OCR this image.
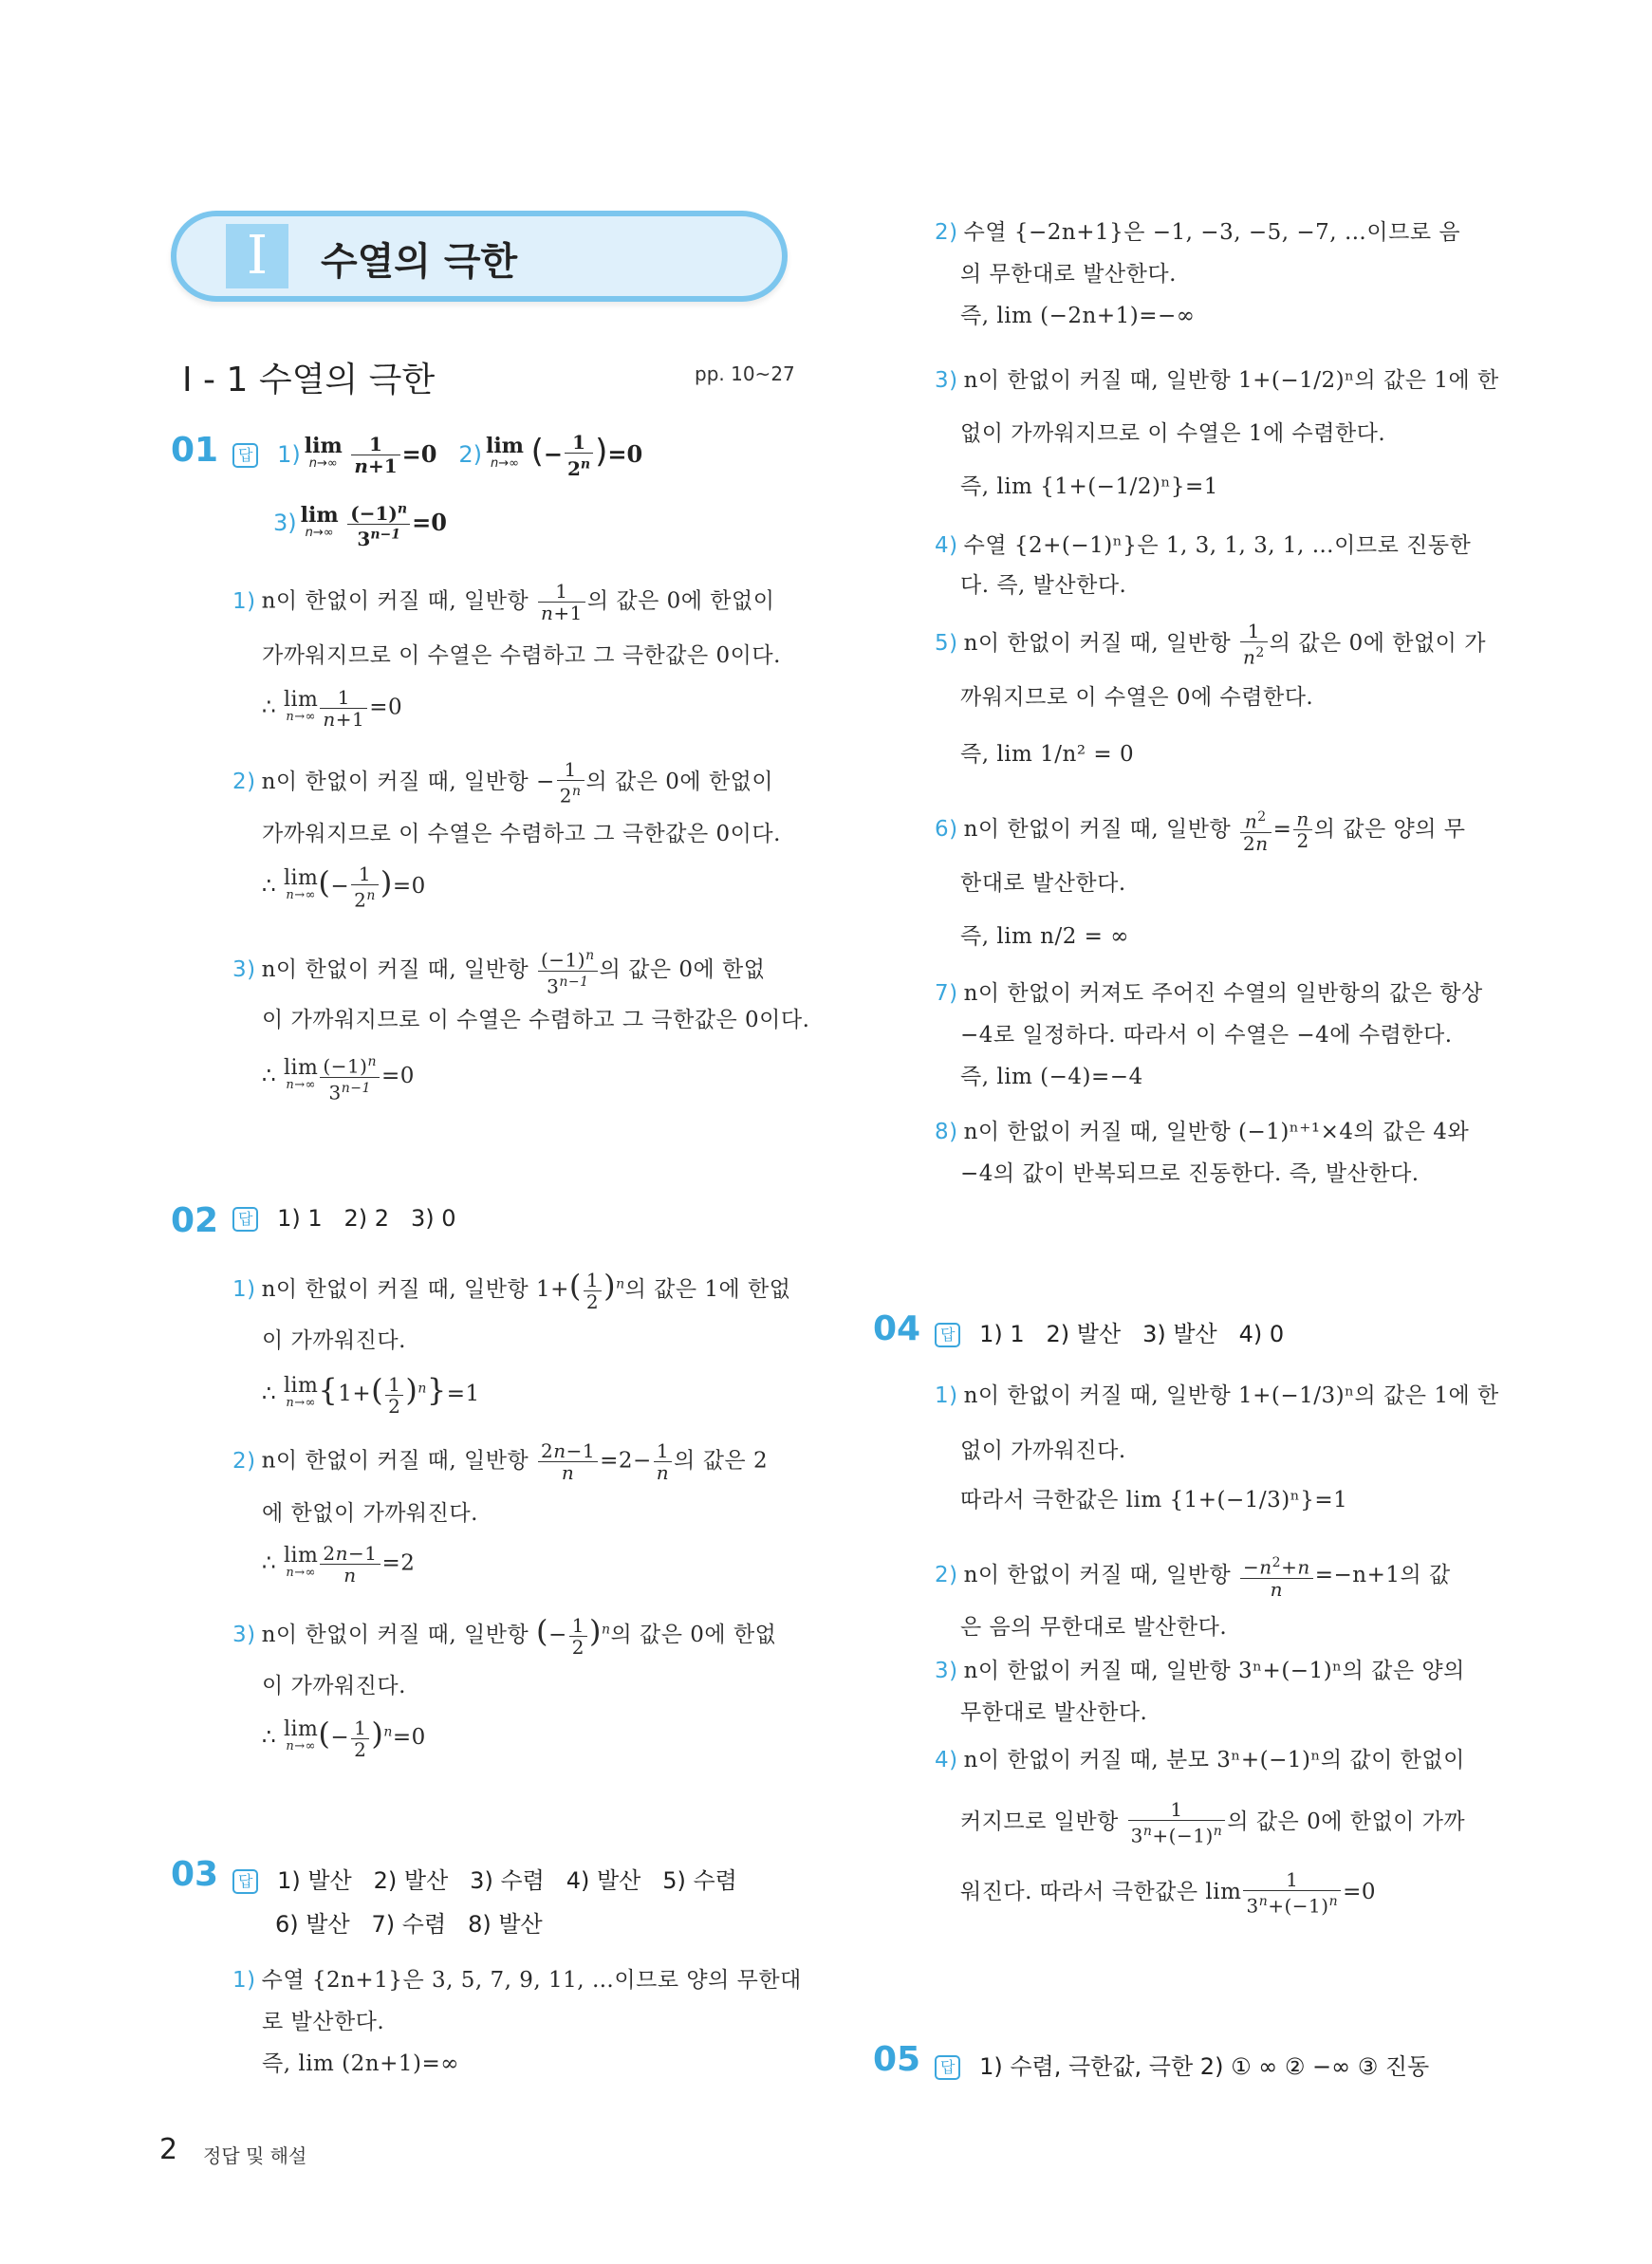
I	수열의 극한
I - 1 수열의 극한	pp. 10~27
01	답 1) lim
n→∞
$\frac{1}{n+1} =0$ 2) lim
n→∞ (− $\frac{1}{2^n} )=0$
3) lim
n→∞
$\frac{(-1)^n}{3^{n-1}} =0$
1) n이 한없이 커질 때, 일반항 $\frac{1}{n+1}$ 의 값은 0에 한없이
가까워지므로 이 수열은 수렴하고 그 극한값은 0이다.
∴ lim
$n\to\infty \frac{1}{n+1} =0$
2) n이 한없이 커질 때, 일반항 − $\frac{1}{2^n}$ 의 값은 0에 한없이
가까워지므로 이 수열은 수렴하고 그 극한값은 0이다.
∴ lim
n→∞ (− $\frac{1}{2^n} )=0$
3) n이 한없이 커질 때, 일반항 $\frac{(-1)^n}{3^{n-1}}$ 의 값은 0에 한없
이 가까워지므로 이 수열은 수렴하고 그 극한값은 0이다.
∴ lim
$n\to\infty \frac{(-1)^n}{3^{n-1}} =0$
02	답 1) 1 2) 2 3) 0
1) n이 한없이 커질 때, 일반항 $1+( \frac{1}{2} )^n$의 값은 1에 한없
이 가까워진다.
∴ lim
n→∞ $\{1+( \frac{1}{2} )^n\}=1$
2) n이 한없이 커질 때, 일반항 $\frac{2n-1}{n} =2- \frac{1}{n}$ 의 값은 2
에 한없이 가까워진다.
∴ lim
$n\to\infty \frac{2n-1}{n} =2$
3) n이 한없이 커질 때, 일반항 (− $\frac{1}{2} )^n$의 값은 0에 한없
이 가까워진다.
∴ lim
n→∞ (− $\frac{1}{2} )^n=0$
03	답 1) 발산 2) 발산 3) 수렴 4) 발산 5) 수렴
6) 발산 7) 수렴 8) 발산
1) 수열 {2n+1}은 3, 5, 7, 9, 11, …이므로 양의 무한대
로 발산한다.
즉, lim (2n+1)=∞
2) 수열 {−2n+1}은 −1, −3, −5, −7, …이므로 음
의 무한대로 발산한다.
즉, lim (−2n+1)=−∞
3) n이 한없이 커질 때, 일반항 1+(−1/2)ⁿ의 값은 1에 한
없이 가까워지므로 이 수열은 1에 수렴한다.
즉, lim {1+(−1/2)ⁿ}=1
4) 수열 {2+(−1)ⁿ}은 1, 3, 1, 3, 1, …이므로 진동한
다. 즉, 발산한다.
5) n이 한없이 커질 때, 일반항 $\frac{1}{n^2}$ 의 값은 0에 한없이 가
까워지므로 이 수열은 0에 수렴한다.
즉, lim 1/n² = 0
6) n이 한없이 커질 때, 일반항 $\frac{n^2}{2n} = \frac{n}{2}$ 의 값은 양의 무
한대로 발산한다.
즉, lim n/2 = ∞
7) n이 한없이 커져도 주어진 수열의 일반항의 값은 항상
−4로 일정하다. 따라서 이 수열은 −4에 수렴한다.
즉, lim (−4)=−4
8) n이 한없이 커질 때, 일반항 (−1)ⁿ⁺¹×4의 값은 4와
−4의 값이 반복되므로 진동한다. 즉, 발산한다.
04	답 1) 1 2) 발산 3) 발산 4) 0
1) n이 한없이 커질 때, 일반항 1+(−1/3)ⁿ의 값은 1에 한
없이 가까워진다.
따라서 극한값은 lim {1+(−1/3)ⁿ}=1
2) n이 한없이 커질 때, 일반항 $\frac{-n^2+n}{n} =-n+1$의 값
은 음의 무한대로 발산한다.
3) n이 한없이 커질 때, 일반항 3ⁿ+(−1)ⁿ의 값은 양의
무한대로 발산한다.
4) n이 한없이 커질 때, 분모 3ⁿ+(−1)ⁿ의 값이 한없이
커지므로 일반항 $\frac{1}{3^n+(-1)^n}$ 의 값은 0에 한없이 가까
워진다. 따라서 극한값은 $\lim \frac{1}{3^n+(-1)^n} =0$
05	답 1) 수렴, 극한값, 극한 2) ① ∞ ② −∞ ③ 진동
2 정답 및 해설
